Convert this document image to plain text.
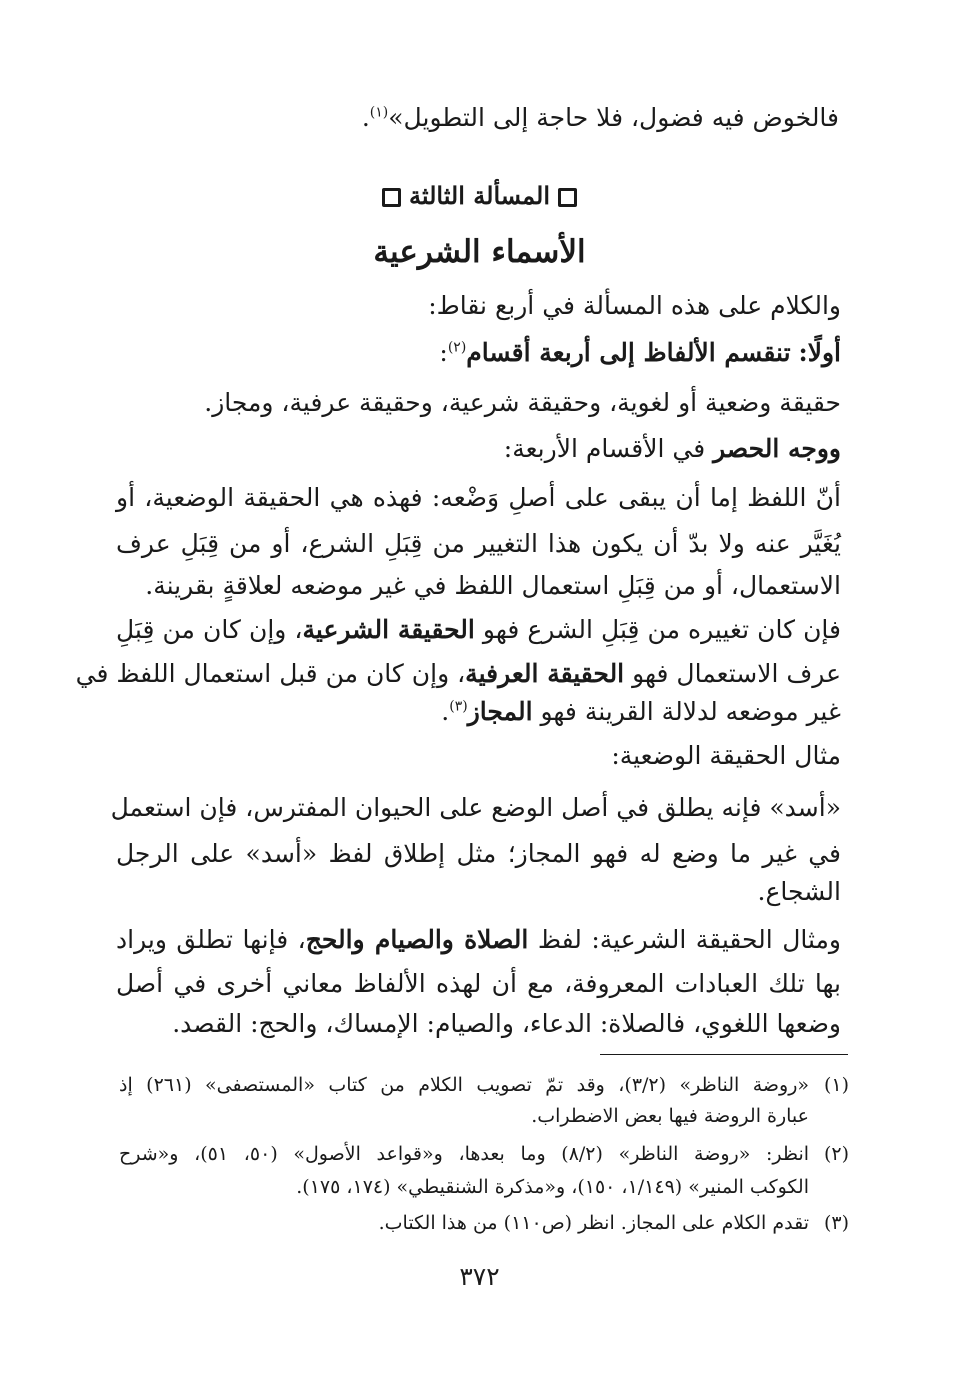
فالخوض فيه فضول، فلا حاجة إلى التطويل»$^{(١)}$.
المسألة الثالثة
الأسماء الشرعية
والكلام على هذه المسألة في أربع نقاط:
أولًا: تنقسم الألفاظ إلى أربعة أقسام$^{(٢)}$:
حقيقة وضعية أو لغوية، وحقيقة شرعية، وحقيقة عرفية، ومجاز.
ووجه الحصر في الأقسام الأربعة:
أنّ اللفظ إما أن يبقى على أصلِ وَضْعه: فهذه هي الحقيقة الوضعية، أو
يُغَيَّر عنه ولا بدّ أن يكون هذا التغيير من قِبَلِ الشرع، أو من قِبَلِ عرف
الاستعمال، أو من قِبَلِ استعمال اللفظ في غير موضعه لعلاقةٍ بقرينة.
فإن كان تغييره من قِبَلِ الشرع فهو الحقيقة الشرعية، وإن كان من قِبَلِ
عرف الاستعمال فهو الحقيقة العرفية، وإن كان من قبل استعمال اللفظ في
غير موضعه لدلالة القرينة فهو المجاز$^{(٣)}$.
مثال الحقيقة الوضعية:
«أسد» فإنه يطلق في أصل الوضع على الحيوان المفترس، فإن استعمل
في غير ما وضع له فهو المجاز؛ مثل إطلاق لفظ «أسد» على الرجل
الشجاع.
ومثال الحقيقة الشرعية: لفظ الصلاة والصيام والحج، فإنها تطلق ويراد
بها تلك العبادات المعروفة، مع أن لهذه الألفاظ معاني أخرى في أصل
وضعها اللغوي، فالصلاة: الدعاء، والصيام: الإمساك، والحج: القصد.
(١)
«روضة الناظر» (٣/٢)، وقد تمّ تصويب الكلام من كتاب «المستصفى» (٢٦١) إذ
عبارة الروضة فيها بعض الاضطراب.
(٢)
انظر: «روضة الناظر» (٨/٢) وما بعدها، و«قواعد الأصول» (٥٠، ٥١)، و«شرح
الكوكب المنير» (١/١٤٩، ١٥٠)، و«مذكرة الشنقيطي» (١٧٤، ١٧٥).
(٣)
تقدم الكلام على المجاز. انظر (ص١١٠) من هذا الكتاب.
٣٧٢
